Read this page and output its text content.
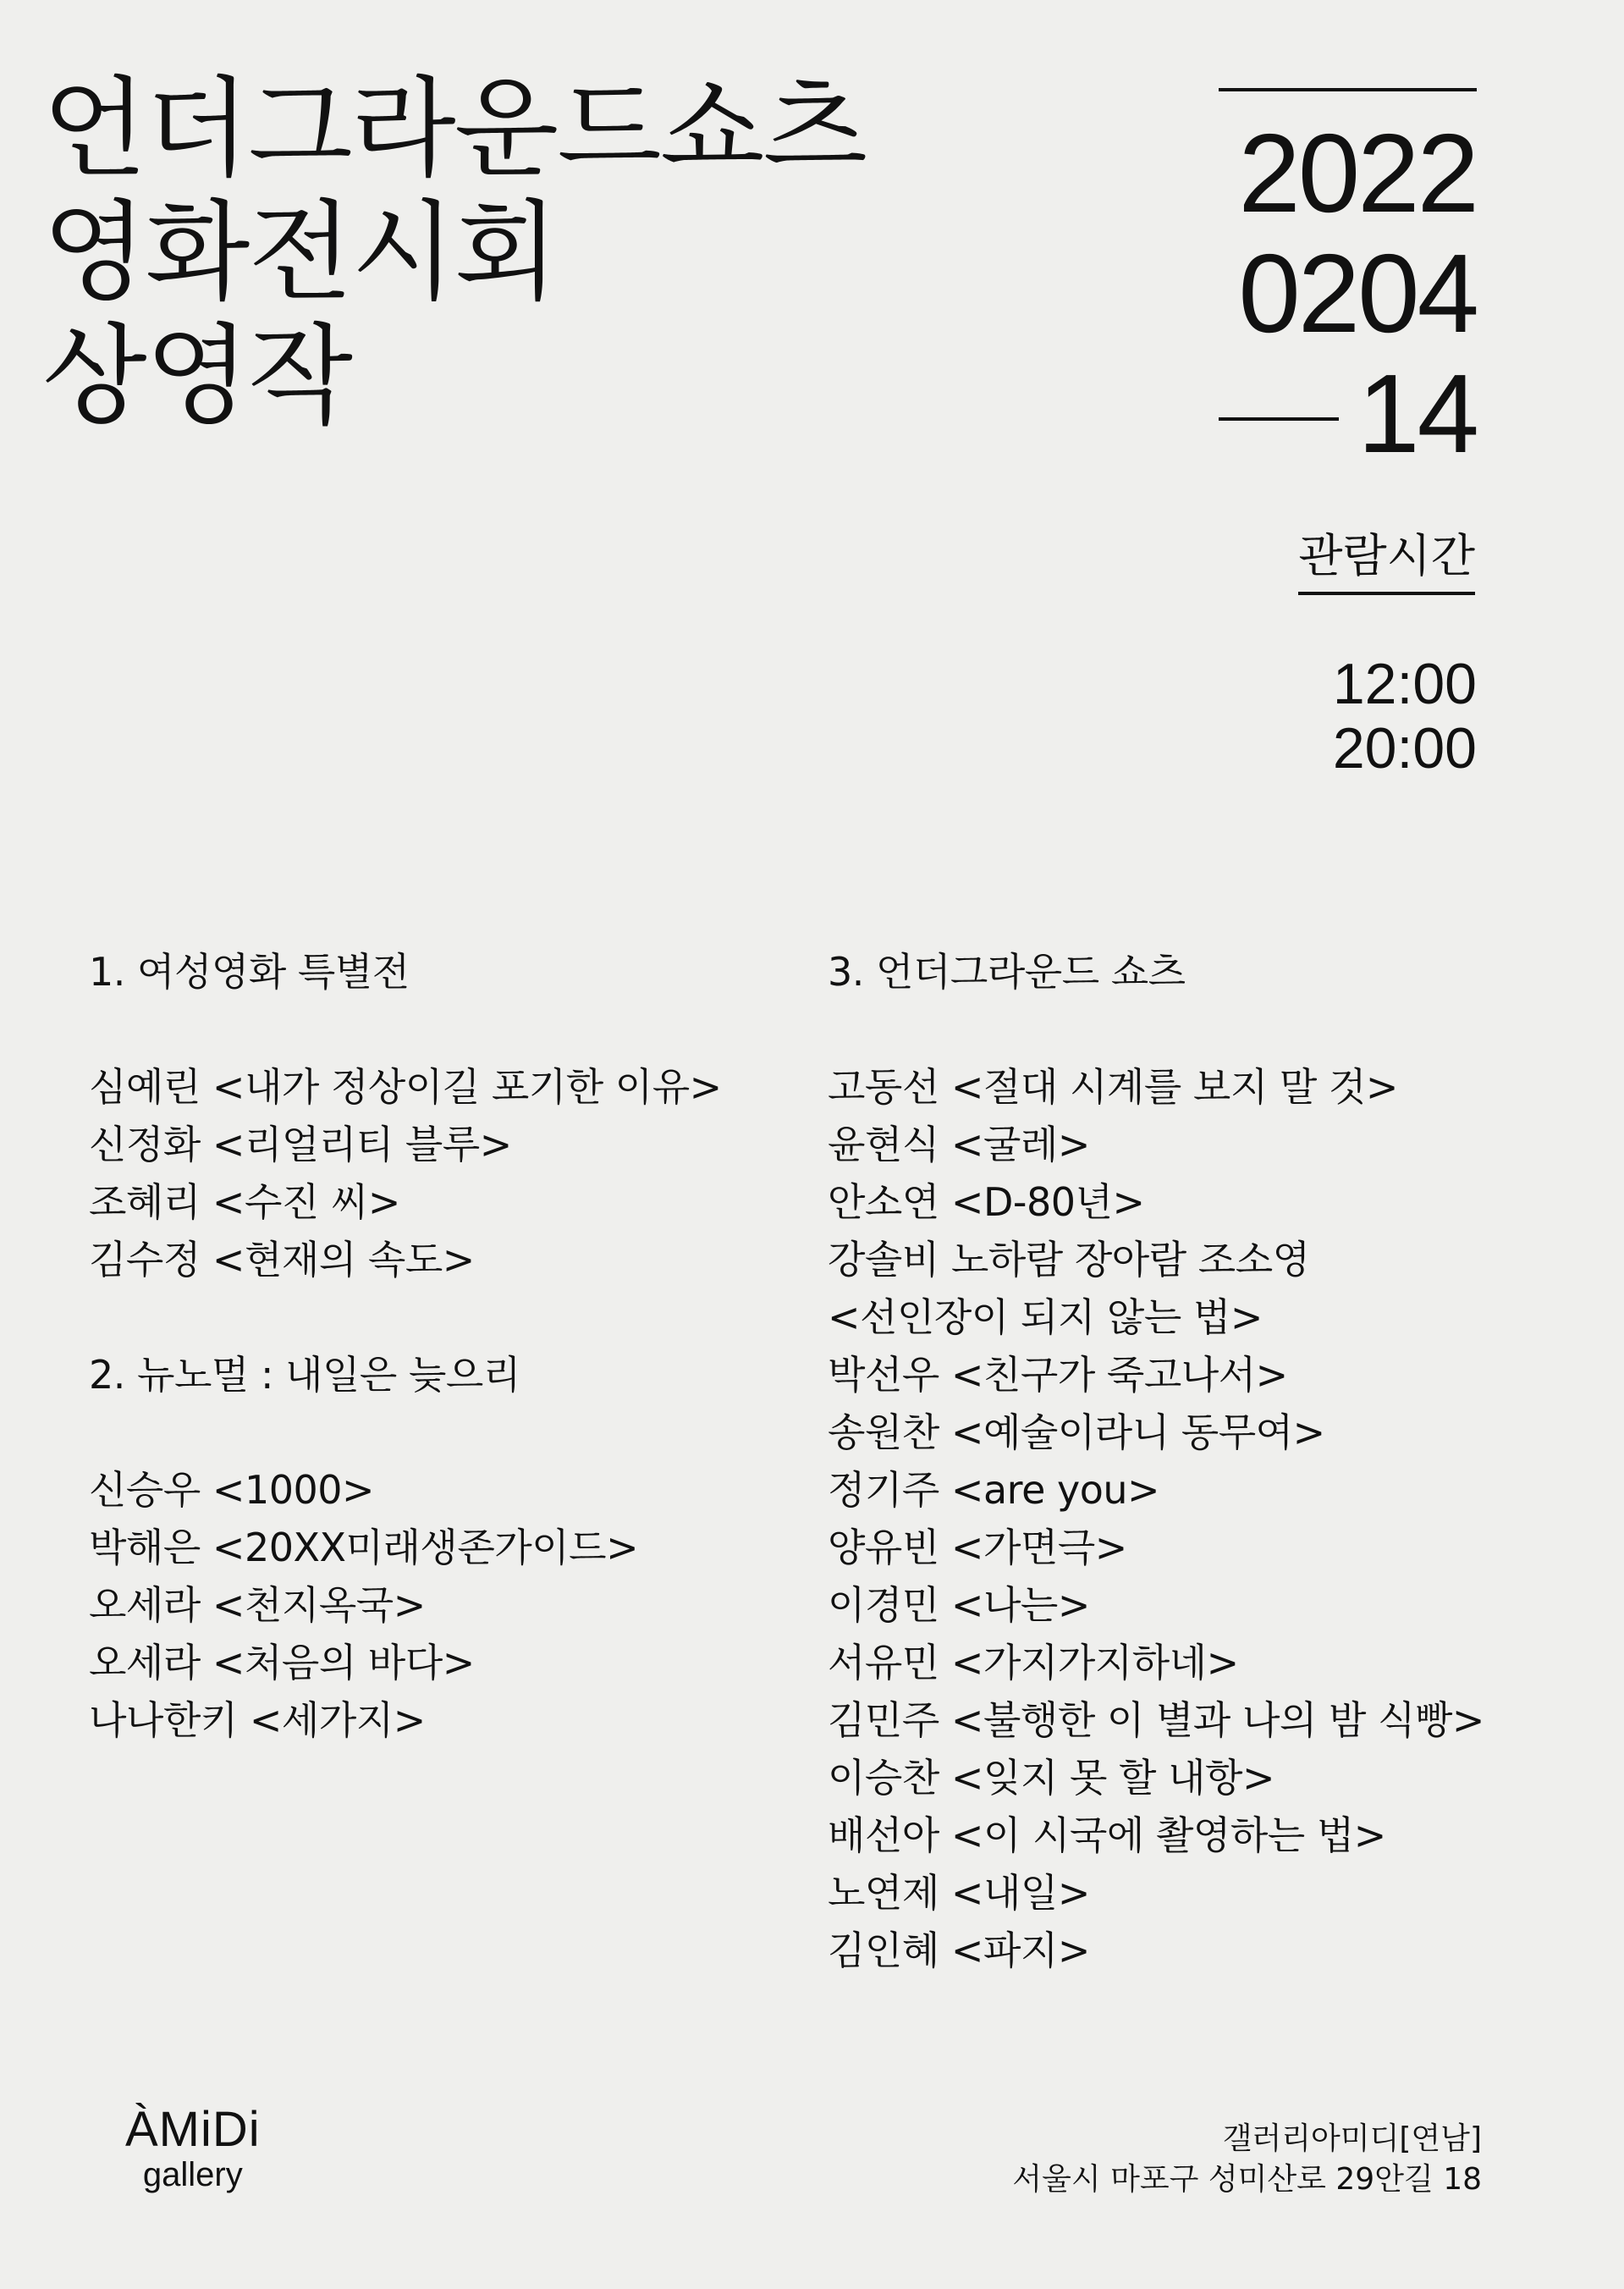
언더그라운드쇼츠
영화전시회
상영작
2022
0204
14
관람시간
12:00
20:00
1. 여성영화 특별전
심예린 <내가 정상이길 포기한 이유>
신정화 <리얼리티 블루>
조혜리 <수진 씨>
김수정 <현재의 속도>
2. 뉴노멀 : 내일은 늦으리
신승우 <1000>
박해은 <20XX미래생존가이드>
오세라 <천지옥국>
오세라 <처음의 바다>
나나한키 <세가지>
3. 언더그라운드 쇼츠
고동선 <절대 시계를 보지 말 것>
윤현식 <굴레>
안소연 <D-80년>
강솔비 노하람 장아람 조소영
<선인장이 되지 않는 법>
박선우 <친구가 죽고나서>
송원찬 <예술이라니 동무여>
정기주 <are you>
양유빈 <가면극>
이경민 <나는>
서유민 <가지가지하네>
김민주 <불행한 이 별과 나의 밤 식빵>
이승찬 <잊지 못 할 내항>
배선아 <이 시국에 촬영하는 법>
노연제 <내일>
김인혜 <파지>
ÀMiDi
gallery
갤러리아미디[연남]
서울시 마포구 성미산로 29안길 18
